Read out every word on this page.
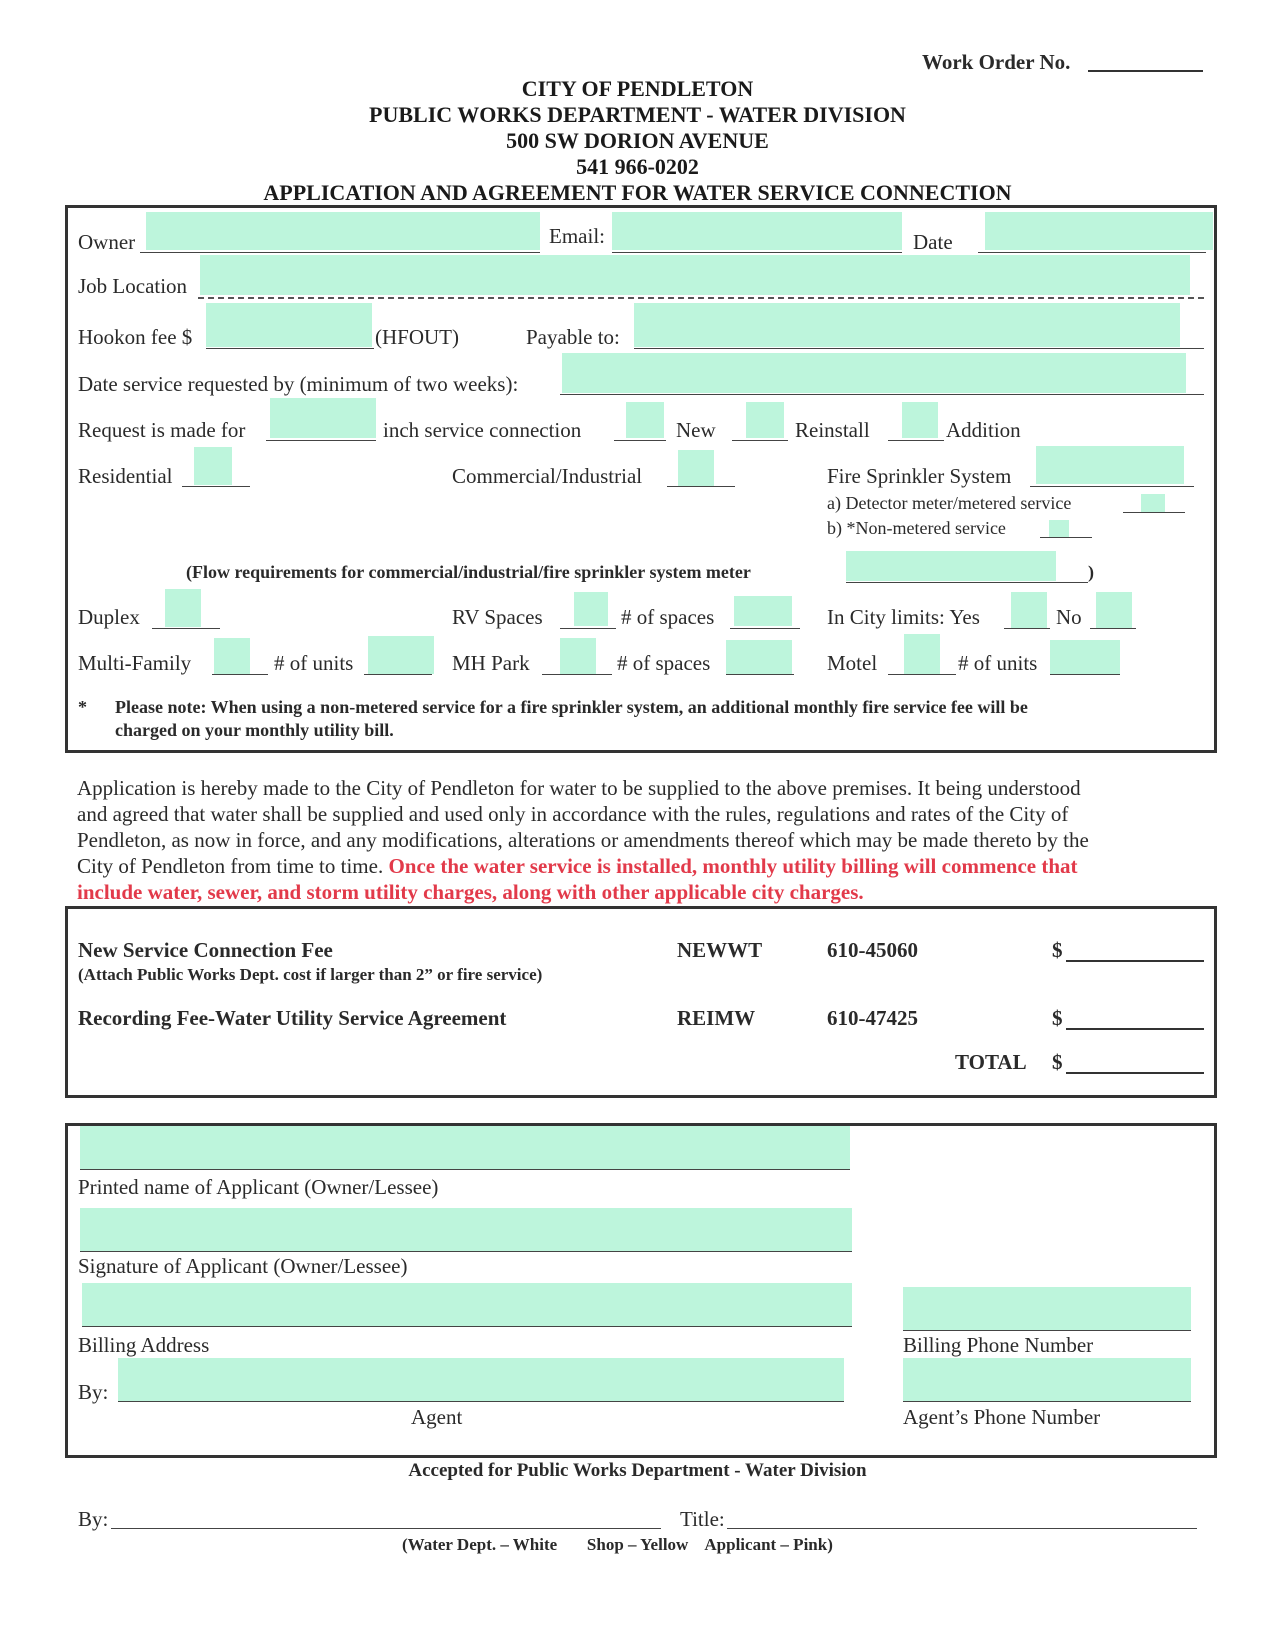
Work Order No.
CITY OF PENDLETON
PUBLIC WORKS DEPARTMENT - WATER DIVISION
500 SW DORION AVENUE
541 966-0202
APPLICATION AND AGREEMENT FOR WATER SERVICE CONNECTION
Owner	Email:	Date
Job Location
Hookon fee $	(HFOUT)	Payable to:
Date service requested by (minimum of two weeks):
Request is made for	inch service connection	New	Reinstall	Addition
Residential	Commercial/Industrial	Fire Sprinkler System
a) Detector meter/metered service
b) *Non-metered service
(Flow requirements for commercial/industrial/fire sprinkler system meter	)
Duplex	RV Spaces	# of spaces	In City limits: Yes	No
Multi-Family	# of units	MH Park	# of spaces	Motel	# of units
* Please note: When using a non-metered service for a fire sprinkler system, an additional monthly fire service fee will be
charged on your monthly utility bill.
Application is hereby made to the City of Pendleton for water to be supplied to the above premises. It being understood
and agreed that water shall be supplied and used only in accordance with the rules, regulations and rates of the City of
Pendleton, as now in force, and any modifications, alterations or amendments thereof which may be made thereto by the
City of Pendleton from time to time. Once the water service is installed, monthly utility billing will commence that
include water, sewer, and storm utility charges, along with other applicable city charges.
New Service Connection Fee
(Attach Public Works Dept. cost if larger than 2” or fire service)
NEWWT	610-45060	$
Recording Fee-Water Utility Service Agreement	REIMW	610-47425	$
TOTAL $
Printed name of Applicant (Owner/Lessee)
Signature of Applicant (Owner/Lessee)
Billing Address	Billing Phone Number
By:
Agent	Agent’s Phone Number
Accepted for Public Works Department - Water Division
By:	Title:
(Water Dept. – White       Shop – Yellow    Applicant – Pink)
